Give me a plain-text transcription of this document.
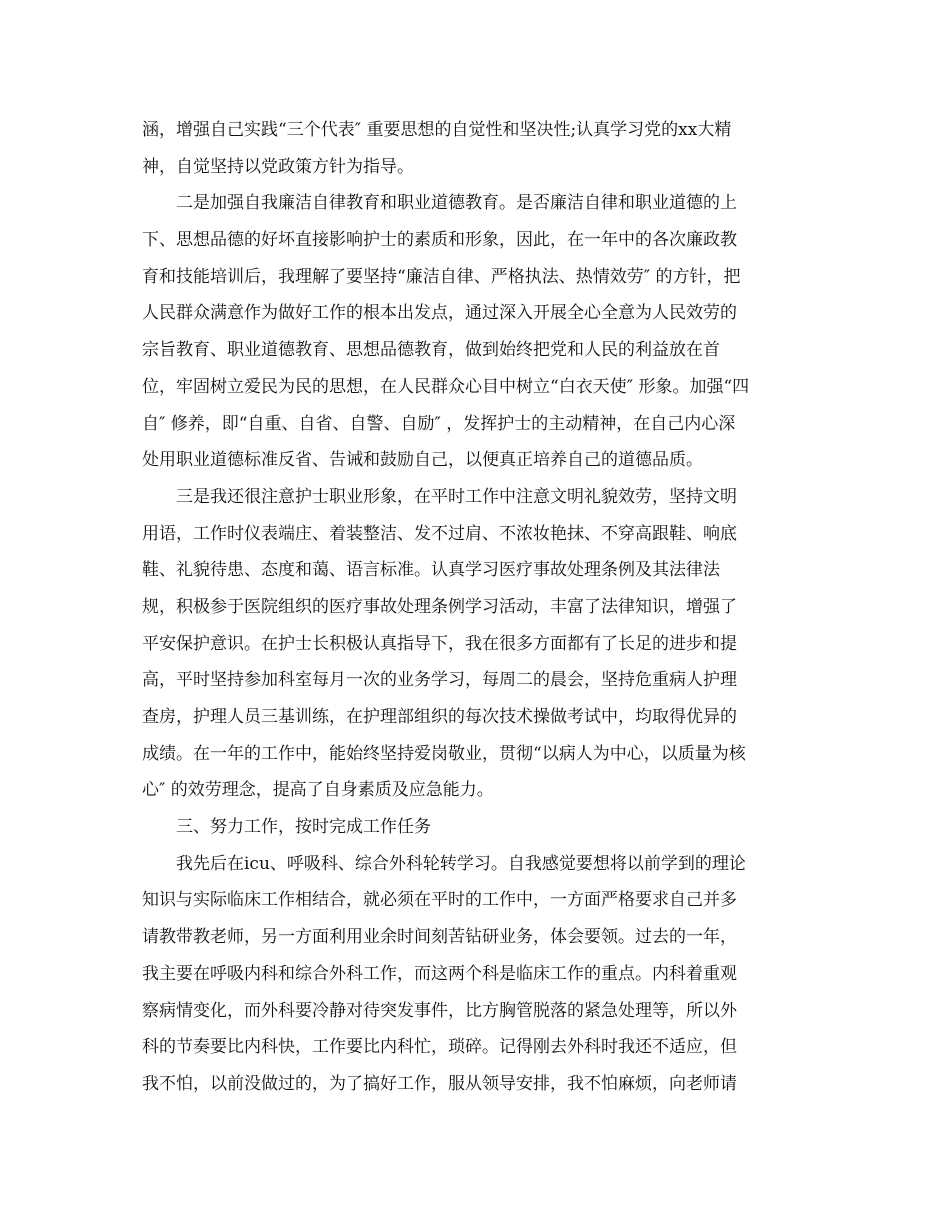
涵，增强自己实践“三个代表″ 重要思想的自觉性和坚决性;认真学习党的xx大精
神，自觉坚持以党政策方针为指导。
二是加强自我廉洁自律教育和职业道德教育。是否廉洁自律和职业道德的上
下、思想品德的好坏直接影响护士的素质和形象，因此，在一年中的各次廉政教
育和技能培训后，我理解了要坚持“廉洁自律、严格执法、热情效劳″ 的方针，把
人民群众满意作为做好工作的根本出发点，通过深入开展全心全意为人民效劳的
宗旨教育、职业道德教育、思想品德教育，做到始终把党和人民的利益放在首
位，牢固树立爱民为民的思想，在人民群众心目中树立“白衣天使″ 形象。加强“四
自″ 修养，即“自重、自省、自警、自励″ ，发挥护士的主动精神，在自己内心深
处用职业道德标准反省、告诫和鼓励自己，以便真正培养自己的道德品质。
三是我还很注意护士职业形象，在平时工作中注意文明礼貌效劳，坚持文明
用语，工作时仪表端庄、着装整洁、发不过肩、不浓妆艳抹、不穿高跟鞋、响底
鞋、礼貌待患、态度和蔼、语言标准。认真学习医疗事故处理条例及其法律法
规，积极参于医院组织的医疗事故处理条例学习活动，丰富了法律知识，增强了
平安保护意识。在护士长积极认真指导下，我在很多方面都有了长足的进步和提
高，平时坚持参加科室每月一次的业务学习，每周二的晨会，坚持危重病人护理
查房，护理人员三基训练，在护理部组织的每次技术操做考试中，均取得优异的
成绩。在一年的工作中，能始终坚持爱岗敬业，贯彻“以病人为中心，以质量为核
心″ 的效劳理念，提高了自身素质及应急能力。
三、努力工作，按时完成工作任务
我先后在icu、呼吸科、综合外科轮转学习。自我感觉要想将以前学到的理论
知识与实际临床工作相结合，就必须在平时的工作中，一方面严格要求自己并多
请教带教老师，另一方面利用业余时间刻苦钻研业务，体会要领。过去的一年，
我主要在呼吸内科和综合外科工作，而这两个科是临床工作的重点。内科着重观
察病情变化，而外科要冷静对待突发事件，比方胸管脱落的紧急处理等，所以外
科的节奏要比内科快，工作要比内科忙，琐碎。记得刚去外科时我还不适应，但
我不怕，以前没做过的，为了搞好工作，服从领导安排，我不怕麻烦，向老师请
